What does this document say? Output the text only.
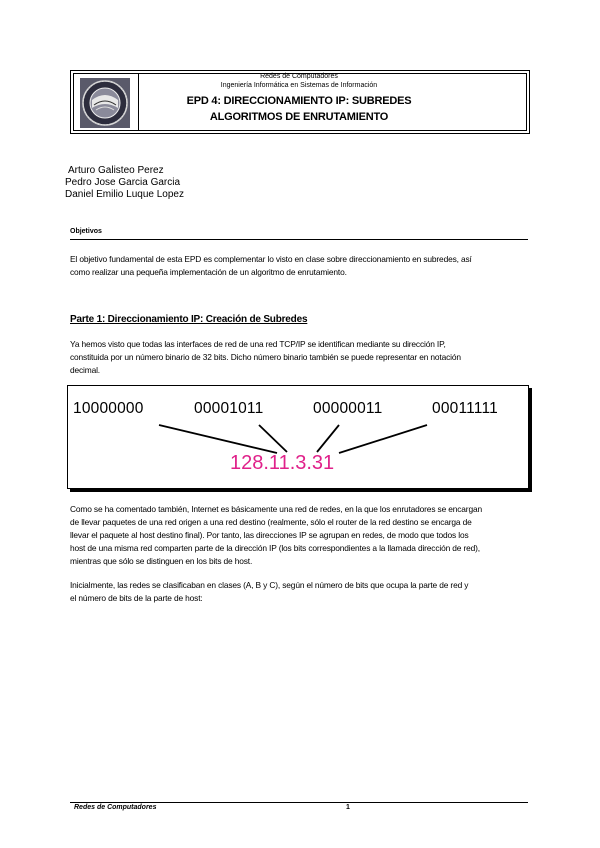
Redes de Computadores
Ingeniería Informática en Sistemas de Información
EPD 4: DIRECCIONAMIENTO IP: SUBREDES
ALGORITMOS DE ENRUTAMIENTO
Arturo Galisteo Perez
Pedro Jose Garcia Garcia
Daniel Emilio Luque Lopez
Objetivos
El objetivo fundamental de esta EPD es complementar lo visto en clase sobre direccionamiento en subredes, así
como realizar una pequeña implementación de un algoritmo de enrutamiento.
Parte 1: Direccionamiento IP: Creación de Subredes
Ya hemos visto que todas las interfaces de red de una red TCP/IP se identifican mediante su dirección IP,
constituida por un número binario de 32 bits. Dicho número binario también se puede representar en notación
decimal.
10000000	00001011	00000011	00011111
128.11.3.31
Como se ha comentado también, Internet es básicamente una red de redes, en la que los enrutadores se encargan
de llevar paquetes de una red origen a una red destino (realmente, sólo el router de la red destino se encarga de
llevar el paquete al host destino final). Por tanto, las direcciones IP se agrupan en redes, de modo que todos los
host de una misma red comparten parte de la dirección IP (los bits correspondientes a la llamada dirección de red),
mientras que sólo se distinguen en los bits de host.
Inicialmente, las redes se clasificaban en clases (A, B y C), según el número de bits que ocupa la parte de red y
el número de bits de la parte de host:
Redes de Computadores	1
